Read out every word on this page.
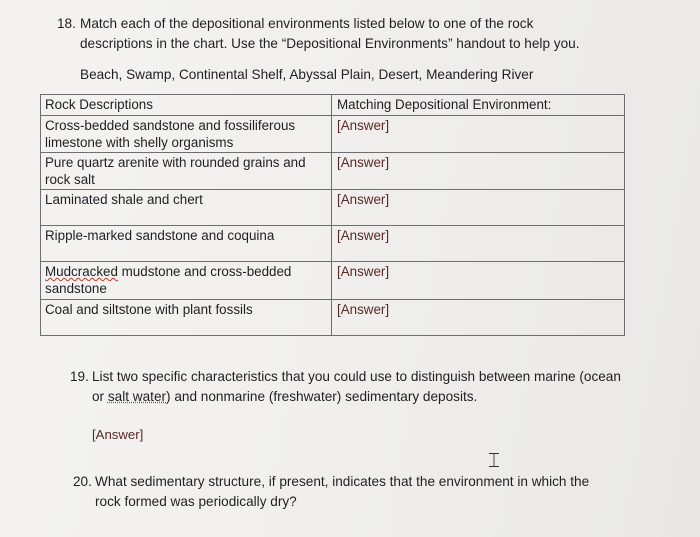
18. Match each of the depositional environments listed below to one of the rock
descriptions in the chart. Use the “Depositional Environments” handout to help you.
Beach, Swamp, Continental Shelf, Abyssal Plain, Desert, Meandering River
Rock Descriptions	Matching Depositional Environment:

Cross-bedded sandstone and fossiliferous
limestone with shelly organisms	[Answer]

Pure quartz arenite with rounded grains and
rock salt	[Answer]

Laminated shale and chert	[Answer]

Ripple-marked sandstone and coquina	[Answer]

Mudcracked mudstone and cross-bedded
sandstone	[Answer]

Coal and siltstone with plant fossils	[Answer]
19. List two specific characteristics that you could use to distinguish between marine (ocean
or salt water) and nonmarine (freshwater) sedimentary deposits.
[Answer]
⌶
20. What sedimentary structure, if present, indicates that the environment in which the
rock formed was periodically dry?
